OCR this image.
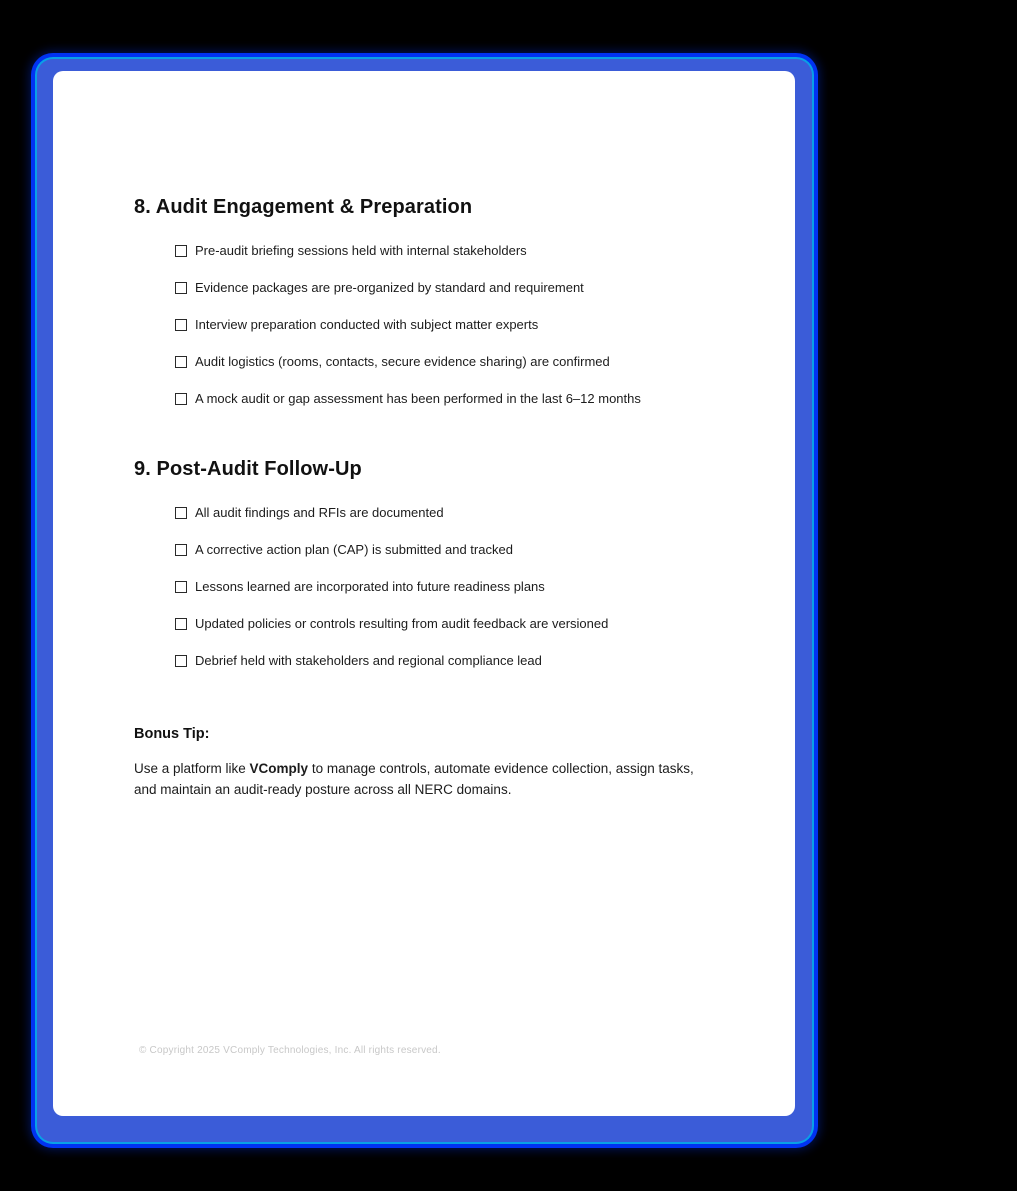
8. Audit Engagement & Preparation
Pre-audit briefing sessions held with internal stakeholders
Evidence packages are pre-organized by standard and requirement
Interview preparation conducted with subject matter experts
Audit logistics (rooms, contacts, secure evidence sharing) are confirmed
A mock audit or gap assessment has been performed in the last 6–12 months
9. Post-Audit Follow-Up
All audit findings and RFIs are documented
A corrective action plan (CAP) is submitted and tracked
Lessons learned are incorporated into future readiness plans
Updated policies or controls resulting from audit feedback are versioned
Debrief held with stakeholders and regional compliance lead
Bonus Tip:

Use a platform like VComply to manage controls, automate evidence collection, assign tasks, and maintain an audit-ready posture across all NERC domains.

© Copyright 2025 VComply Technologies, Inc. All rights reserved.
